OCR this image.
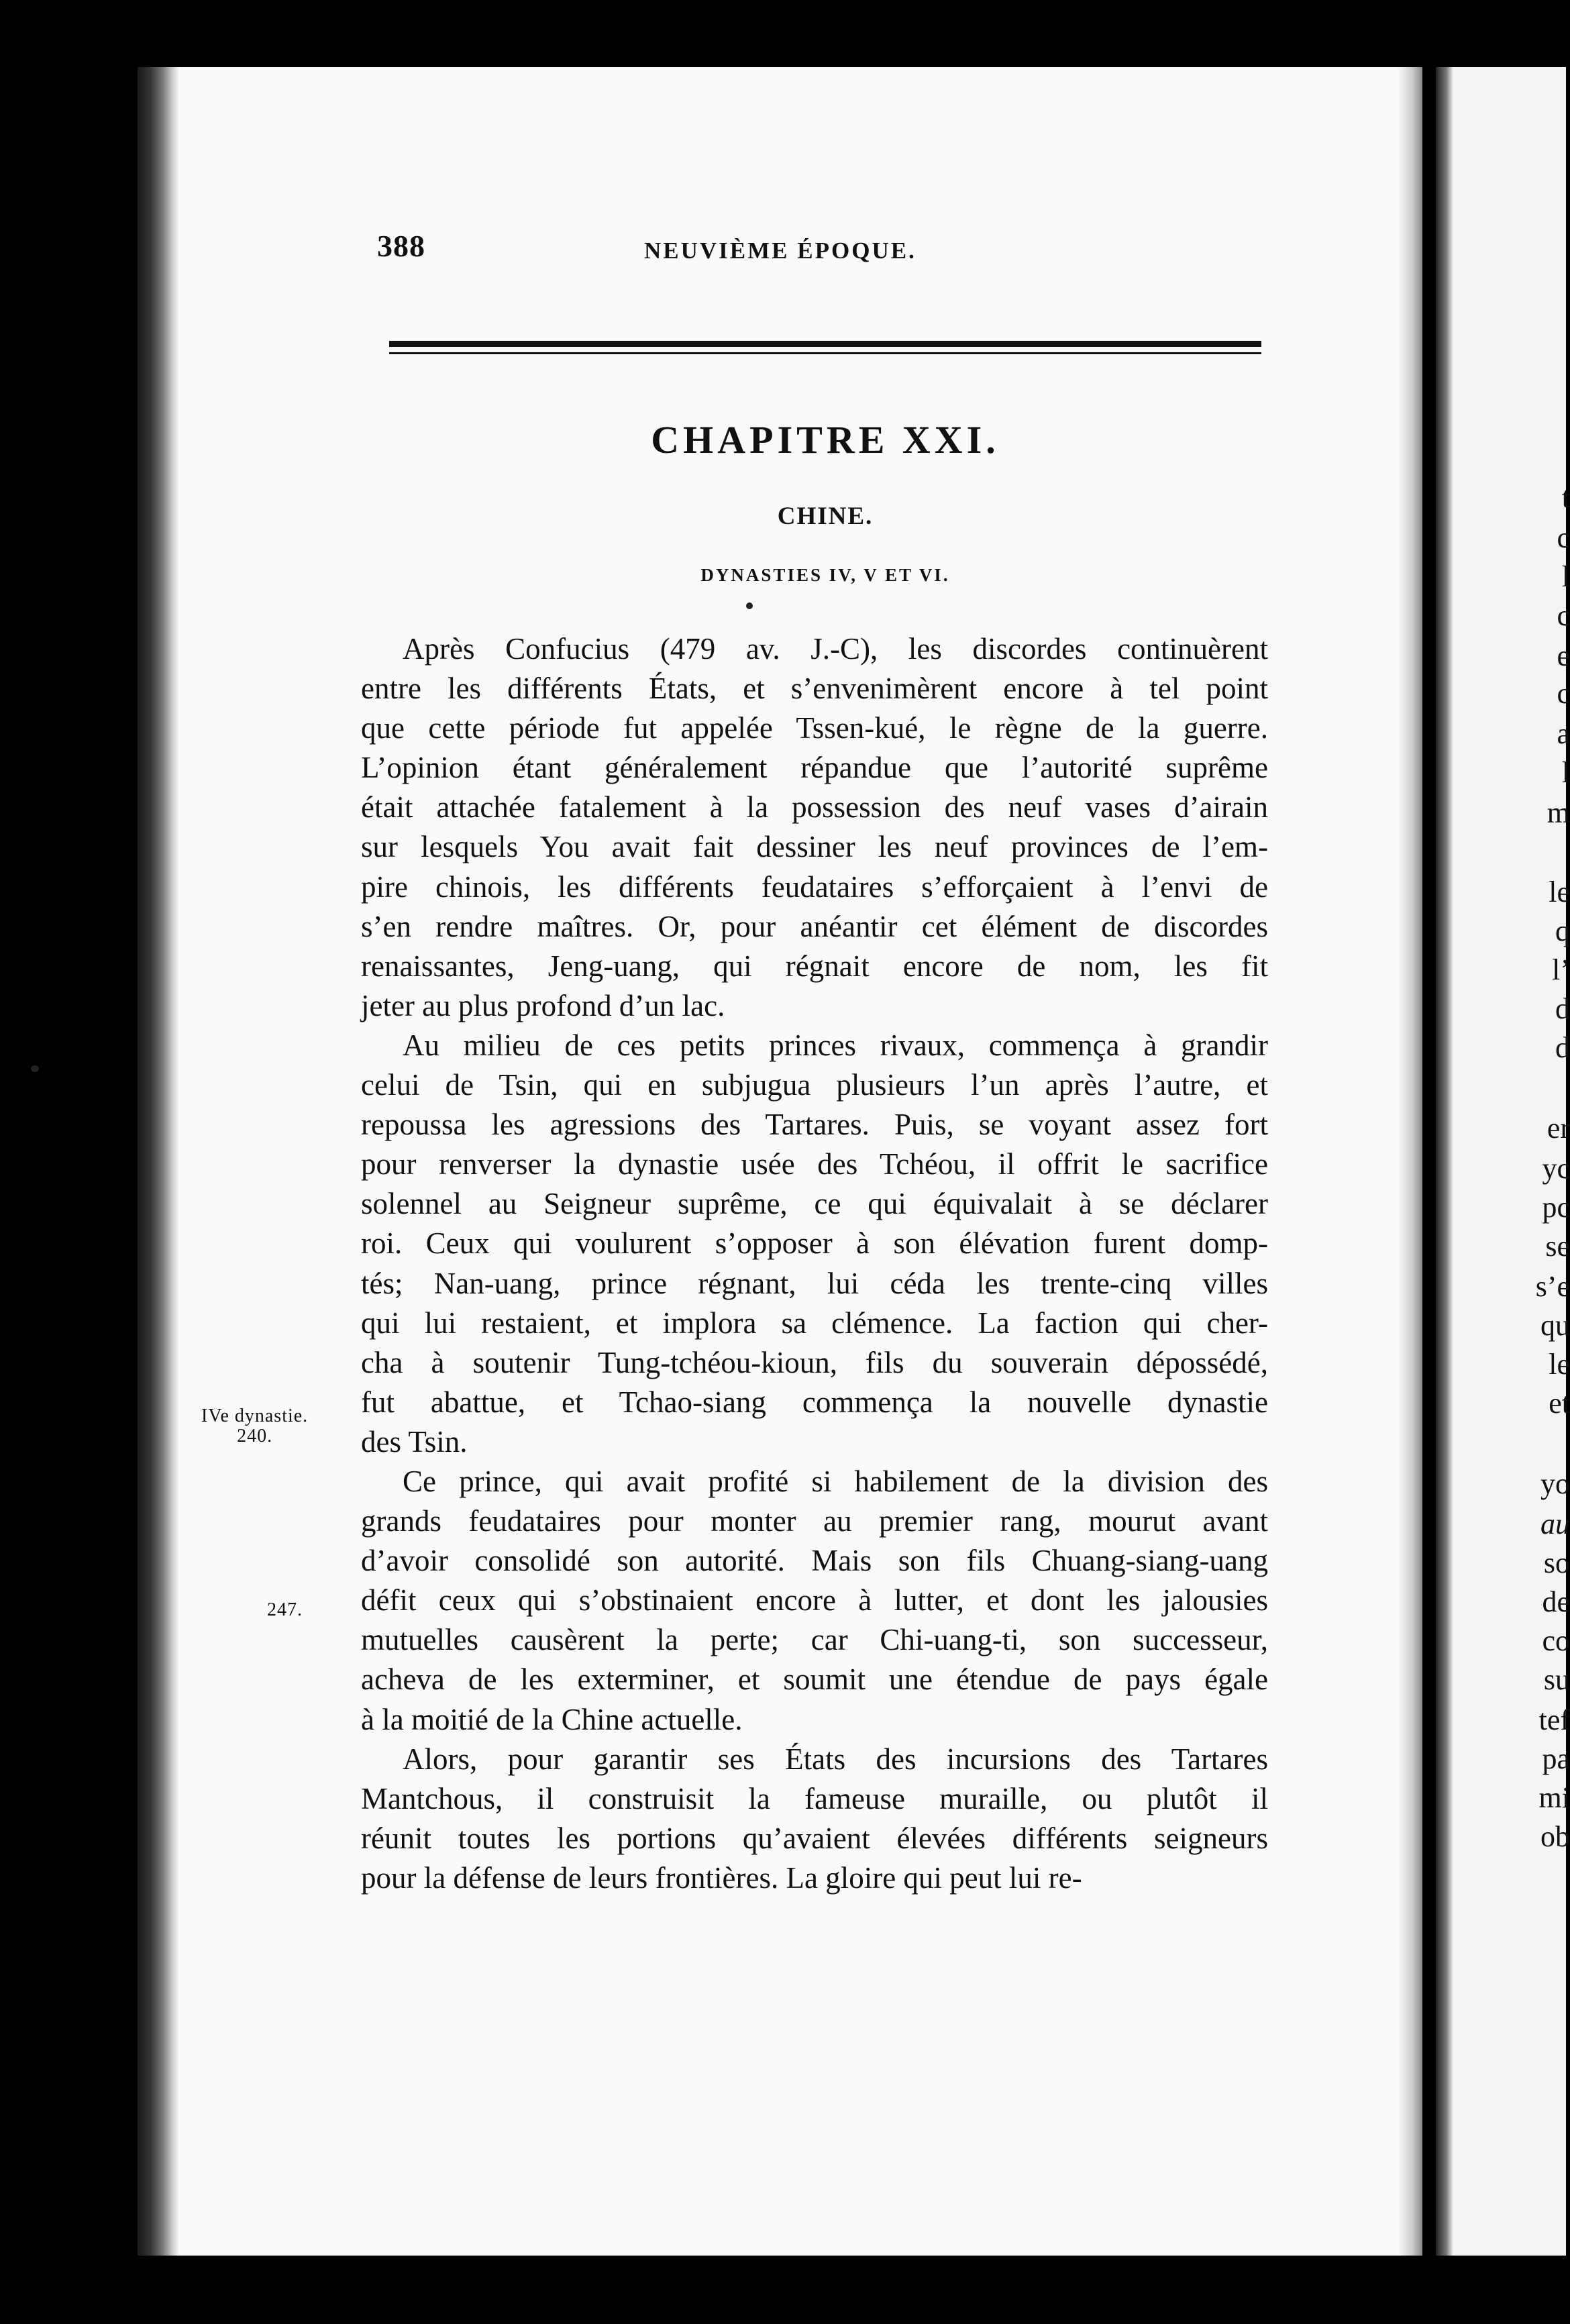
t
c
l
c
e
c
a
l
m
le
q
l’
d
d
er
yc
pc
se
s’e
qu
le
et
yo
au
so
de
co
su
tef
pa
mi
ob
388	NEUVIÈME ÉPOQUE.
CHAPITRE XXI.
CHINE.
DYNASTIES IV, V ET VI.
Après Confucius (479 av. J.-C), les discordes continuèrent
entre les différents États, et s’envenimèrent encore à tel point
que cette période fut appelée Tssen-kué, le règne de la guerre.
L’opinion étant généralement répandue que l’autorité suprême
était attachée fatalement à la possession des neuf vases d’airain
sur lesquels You avait fait dessiner les neuf provinces de l’em-
pire chinois, les différents feudataires s’efforçaient à l’envi de
s’en rendre maîtres. Or, pour anéantir cet élément de discordes
renaissantes, Jeng-uang, qui régnait encore de nom, les fit
jeter au plus profond d’un lac.
Au milieu de ces petits princes rivaux, commença à grandir
celui de Tsin, qui en subjugua plusieurs l’un après l’autre, et
repoussa les agressions des Tartares. Puis, se voyant assez fort
pour renverser la dynastie usée des Tchéou, il offrit le sacrifice
solennel au Seigneur suprême, ce qui équivalait à se déclarer
roi. Ceux qui voulurent s’opposer à son élévation furent domp-
tés; Nan-uang, prince régnant, lui céda les trente-cinq villes
qui lui restaient, et implora sa clémence. La faction qui cher-
cha à soutenir Tung-tchéou-kioun, fils du souverain dépossédé,
fut abattue, et Tchao-siang commença la nouvelle dynastie
des Tsin.
Ce prince, qui avait profité si habilement de la division des
grands feudataires pour monter au premier rang, mourut avant
d’avoir consolidé son autorité. Mais son fils Chuang-siang-uang
défit ceux qui s’obstinaient encore à lutter, et dont les jalousies
mutuelles causèrent la perte; car Chi-uang-ti, son successeur,
acheva de les exterminer, et soumit une étendue de pays égale
à la moitié de la Chine actuelle.
Alors, pour garantir ses États des incursions des Tartares
Mantchous, il construisit la fameuse muraille, ou plutôt il
réunit toutes les portions qu’avaient élevées différents seigneurs
pour la défense de leurs frontières. La gloire qui peut lui re-
IVe dynastie.
240.
247.
